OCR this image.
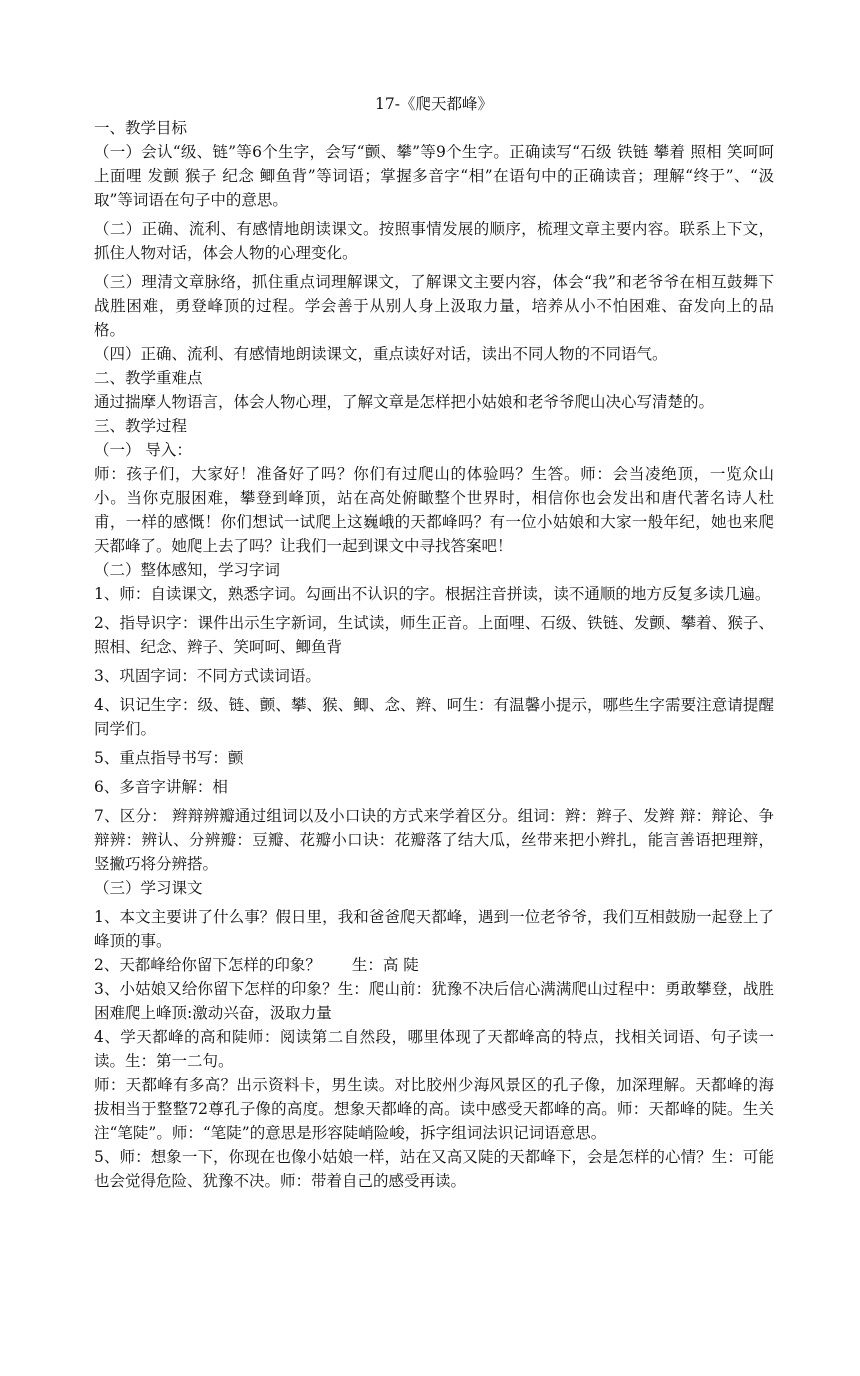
17-《爬天都峰》

一、教学目标

（一）会认“级、链”等6个生字，会写“颤、攀”等9个生字。正确读写“石级 铁链 攀着 照相 笑呵呵 上面哩 发颤 猴子 纪念 鲫鱼背”等词语；掌握多音字“相”在语句中的正确读音；理解“终于”、“汲取”等词语在句子中的意思。

（二）正确、流利、有感情地朗读课文。按照事情发展的顺序，梳理文章主要内容。联系上下文，抓住人物对话，体会人物的心理变化。

（三）理清文章脉络，抓住重点词理解课文，了解课文主要内容，体会“我”和老爷爷在相互鼓舞下战胜困难，勇登峰顶的过程。学会善于从别人身上汲取力量，培养从小不怕困难、奋发向上的品格。

（四）正确、流利、有感情地朗读课文，重点读好对话，读出不同人物的不同语气。

二、教学重难点

通过揣摩人物语言，体会人物心理，了解文章是怎样把小姑娘和老爷爷爬山决心写清楚的。

三、教学过程

（一） 导入：

师：孩子们，大家好！准备好了吗？你们有过爬山的体验吗？生答。师：会当凌绝顶，一览众山小。当你克服困难，攀登到峰顶，站在高处俯瞰整个世界时，相信你也会发出和唐代著名诗人杜甫，一样的感慨！你们想试一试爬上这巍峨的天都峰吗？有一位小姑娘和大家一般年纪，她也来爬天都峰了。她爬上去了吗？让我们一起到课文中寻找答案吧！

（二）整体感知，学习字词

1、师：自读课文，熟悉字词。勾画出不认识的字。根据注音拼读，读不通顺的地方反复多读几遍。

2、指导识字：课件出示生字新词，生试读，师生正音。上面哩、石级、铁链、发颤、攀着、猴子、照相、纪念、辫子、笑呵呵、鲫鱼背

3、巩固字词：不同方式读词语。

4、识记生字：级、链、颤、攀、猴、鲫、念、辫、呵生：有温馨小提示，哪些生字需要注意请提醒同学们。

5、重点指导书写：颤

6、多音字讲解：相

7、区分： 辫辩辨瓣通过组词以及小口诀的方式来学着区分。组词：辫：辫子、发辫 辩：辩论、争辩辨：辨认、分辨瓣：豆瓣、花瓣小口诀：花瓣落了结大瓜，丝带来把小辫扎，能言善语把理辩，竖撇巧将分辨搭。

（三）学习课文

1、本文主要讲了什么事？假日里，我和爸爸爬天都峰，遇到一位老爷爷，我们互相鼓励一起登上了峰顶的事。

2、天都峰给你留下怎样的印象？　　生：高 陡

3、小姑娘又给你留下怎样的印象？生：爬山前：犹豫不决后信心满满爬山过程中：勇敢攀登，战胜困难爬上峰顶:激动兴奋，汲取力量

4、学天都峰的高和陡师：阅读第二自然段，哪里体现了天都峰高的特点，找相关词语、句子读一读。生：第一二句。

师：天都峰有多高？出示资料卡，男生读。对比胶州少海风景区的孔子像，加深理解。天都峰的海拔相当于整整72尊孔子像的高度。想象天都峰的高。读中感受天都峰的高。师：天都峰的陡。生关注“笔陡”。师：“笔陡”的意思是形容陡峭险峻，拆字组词法识记词语意思。

5、师：想象一下，你现在也像小姑娘一样，站在又高又陡的天都峰下，会是怎样的心情？生：可能也会觉得危险、犹豫不决。师：带着自己的感受再读。
